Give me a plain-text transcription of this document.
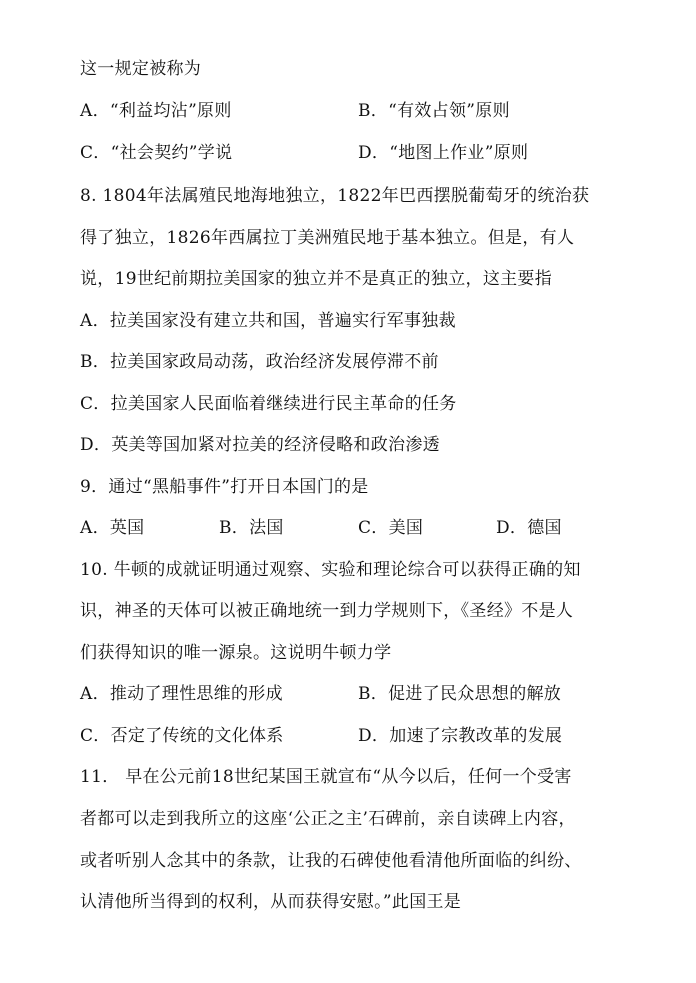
这一规定被称为
A．“利益均沾”原则	B．“有效占领”原则
C．“社会契约”学说	D．“地图上作业”原则
8. 1804年法属殖民地海地独立，1822年巴西摆脱葡萄牙的统治获
得了独立，1826年西属拉丁美洲殖民地于基本独立。但是，有人
说，19世纪前期拉美国家的独立并不是真正的独立，这主要指
A．拉美国家没有建立共和国，普遍实行军事独裁
B．拉美国家政局动荡，政治经济发展停滞不前
C．拉美国家人民面临着继续进行民主革命的任务
D．英美等国加紧对拉美的经济侵略和政治渗透
9．通过“黑船事件”打开日本国门的是
A．英国	B．法国	C．美国	D．德国
10. 牛顿的成就证明通过观察、实验和理论综合可以获得正确的知
识，神圣的天体可以被正确地统一到力学规则下，《圣经》不是人
们获得知识的唯一源泉。这说明牛顿力学
A．推动了理性思维的形成	B．促进了民众思想的解放
C．否定了传统的文化体系	D．加速了宗教改革的发展
11． 早在公元前18世纪某国王就宣布“从今以后，任何一个受害
者都可以走到我所立的这座‘公正之主’石碑前，亲自读碑上内容，
或者听别人念其中的条款，让我的石碑使他看清他所面临的纠纷、
认清他所当得到的权利，从而获得安慰。”此国王是
